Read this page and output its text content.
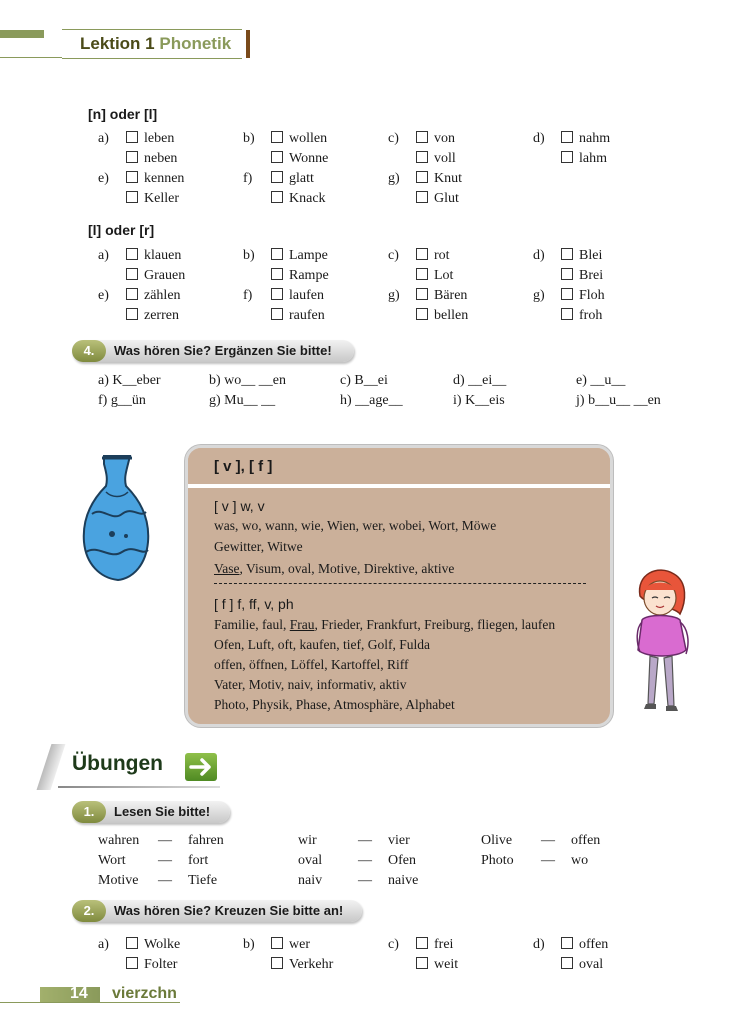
Lektion 1 Phonetik
[n] oder [l]
a)	leben	b) wollen	c)	von	d) nahm
neben	Wonne	voll	lahm
e)	kennen	f)	glatt	g) Knut
Keller	Knack	Glut
[l] oder [r]
a)	klauen	b) Lampe	c)	rot	d) Blei
Grauen	Rampe	Lot	Brei
e)	zählen	f)	laufen	g) Bären	g) Floh
zerren	raufen	bellen	froh
4.	Was hören Sie? Ergänzen Sie bitte!
a) K__eber	b) wo__ __en	c) B__ei	d) __ei__	e) __u__
f) g__ün	g) Mu__ __	h) __age__	i) K__eis	j) b__u__ __en
[ v ], [ f ]
[ v ] w, v
was, wo, wann, wie, Wien, wer, wobei, Wort, Möwe
Gewitter, Witwe
Vase, Visum, oval, Motive, Direktive, aktive
[ f ] f, ff, v, ph
Familie, faul, Frau, Frieder, Frankfurt, Freiburg, fliegen, laufen
Ofen, Luft, oft, kaufen, tief, Golf, Fulda
offen, öffnen, Löffel, Kartoffel, Riff
Vater, Motiv, naiv, informativ, aktiv
Photo, Physik, Phase, Atmosphäre, Alphabet
Übungen
1.	Lesen Sie bitte!
wahren — fahren	wir	— vier	Olive — offen
Wort — fort	oval	— Ofen	Photo — wo
Motive — Tiefe	naiv	— naive
2.	Was hören Sie? Kreuzen Sie bitte an!
a)	Wolke	b) wer	c)	frei	d) offen
Folter	Verkehr	weit	oval
14 vierzchn
